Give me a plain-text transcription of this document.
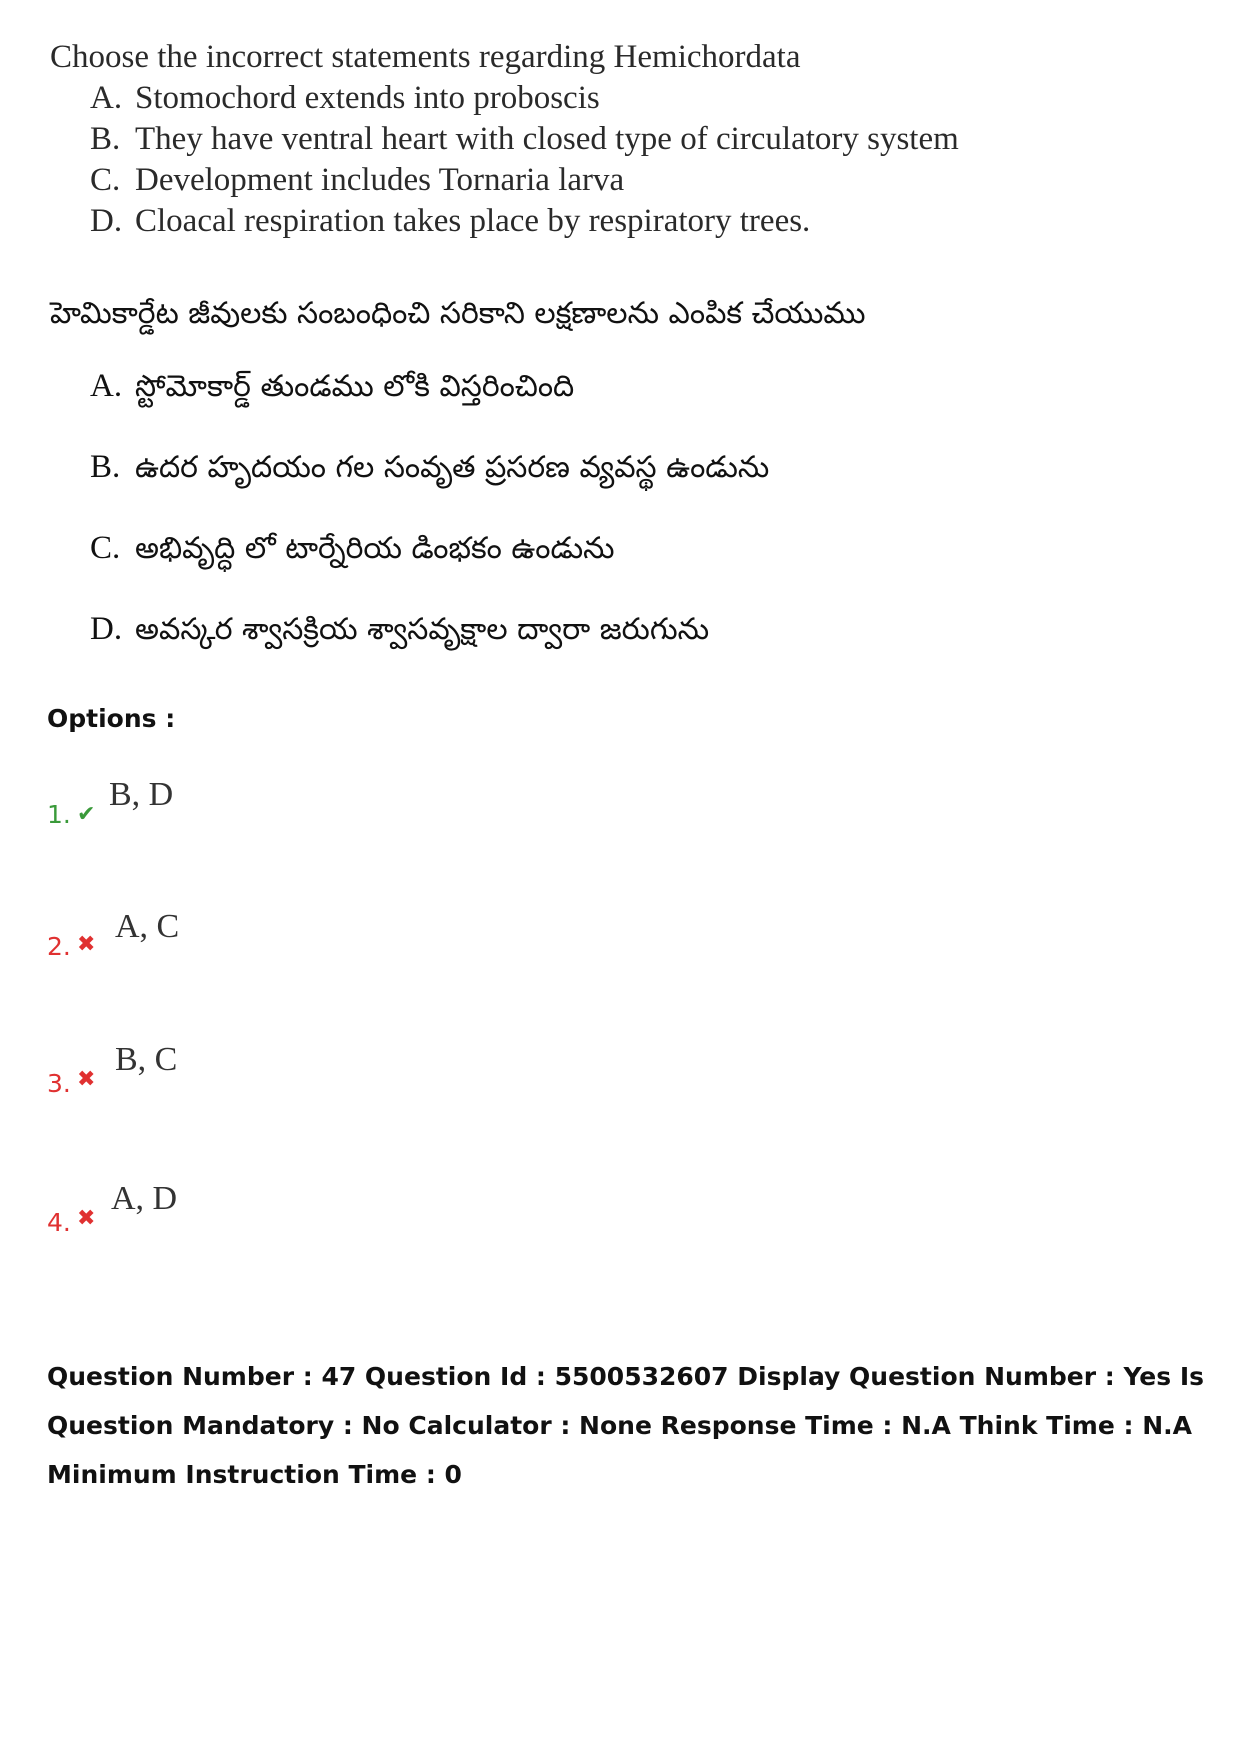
Choose the incorrect statements regarding Hemichordata

A. Stomochord extends into proboscis
B. They have ventral heart with closed type of circulatory system
C. Development includes Tornaria larva
D. Cloacal respiration takes place by respiratory trees.

హెమికార్డేట జీవులకు సంబంధించి సరికాని లక్షణాలను ఎంపిక చేయుము

A. స్టోమోకార్డ్ తుండము లోకి విస్తరించింది
B. ఉదర హృదయం గల సంవృత ప్రసరణ వ్యవస్థ ఉండును
C. అభివృద్ధి లో టార్నేరియ డింభకం ఉండును
D. అవస్కర శ్వాసక్రియ శ్వాసవృక్షాల ద్వారా జరుగును

Options :

1. ✔
B, D
2. ✖ A, C
3. ✖
B, C
4. ✖
A, D

Question Number : 47 Question Id : 5500532607 Display Question Number : Yes Is Question Mandatory : No Calculator : None Response Time : N.A Think Time : N.A Minimum Instruction Time : 0
